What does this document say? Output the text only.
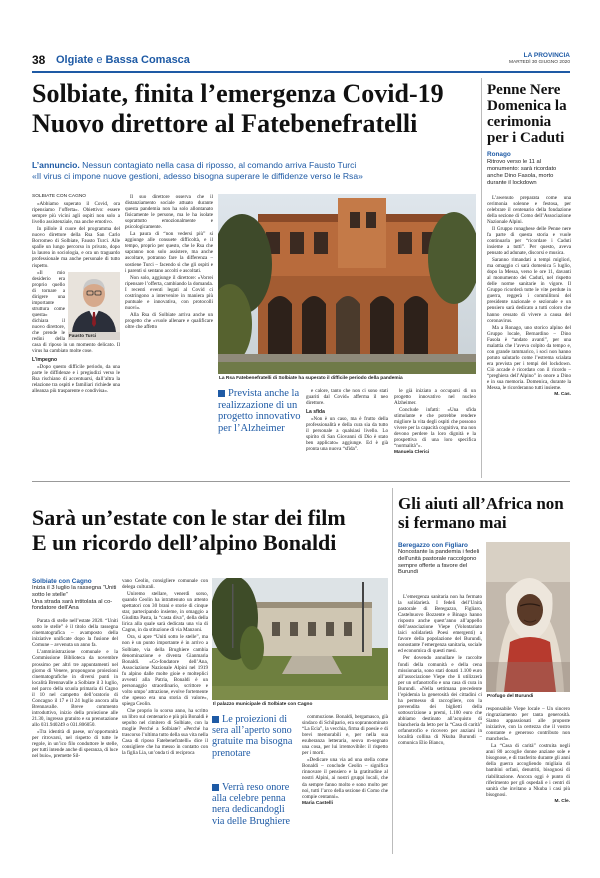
38 Olgiate e Bassa Comasca	LA PROVINCIA
MARTEDÌ 30 GIUGNO 2020
Solbiate, finita l’emergenza Covid-19
Nuovo direttore al Fatebenefratelli
L’annuncio. Nessun contagiato nella casa di riposso, al comando arriva Fausto Turci
«Il virus ci impone nuove gestioni, adesso bisogna superare le diffidenze verso le Rsa»

SOLBIATE CON CAGNO

«Abbiamo superato il Covid, ora ripensiamo l’offerta». Obiettivo: essere sempre più vicini agli ospiti non solo a livello assistenziale, ma anche emotivo.

In pillole il cuore del programma del nuovo direttore della Rsa San Carlo Borromeo di Solbiate, Fausto Turci. Alle spalle un lungo percorso in privato, dopo la laurea in sociologia, e ora un traguardo professionale ma anche personale di tutto rispetto.

Fausto Turci

«Il mio desiderio era proprio quello di tornare a dirigere una importante struttura come questa» dichiara il nuovo direttore, che prende le redini della casa di riposo in un momento delicato. Il virus ha cambiato molte cose.

L’impegno

«Dopo questo difficile periodo, da una parte le diffidenze e i pregiudizi verso le Rsa rischiano di accentuarsi, dall’altra la relazione tra ospiti e familiari richiede una alleanza più trasparente e condivisa».

Il suo direttore osserva che il distanziamento sociale attuato durante questa pandemia non ha solo allontanato fisicamente le persone, ma le ha isolate soprattutto emozionalmente e psicologicamente.

La paura di “non vedersi più” si aggiunge alle consuete difficoltà, e il tempo, proprio per questo, che le Rsa che sapranno non solo assistere, ma anche ascoltare, potranno fare la differenza – sostiene Turci – facendo sì che gli ospiti e i parenti si sentano accolti e ascoltati.

Non solo, aggiunge il direttore: «Vorrei ripensare l’offerta, cambiando la domanda. I recenti eventi legati al Covid ci costringono a intervenire in maniera più puntuale e innovativa, con protocolli nuovi».

Alla Rsa di Solbiate arriva anche un progetto che «vuole allenare e qualificare oltre che affetto

La Rsa Fatebenefratelli di Solbiate ha superato il difficile periodo della pandemia
Prevista anche la realizzazione di un progetto innovativo per l’Alzheimer

e calore, tanto che non ci sono stati guariti dal Covid» afferma il neo direttore.

La sfida

«Non è un caso, ma è frutto della professionalità e della cura sia da tutto il personale a qualsiasi livello. Lo spirito di San Giovanni di Dio è stato ben applicato» aggiunge. Ed è già pronta una nuova “sfida”.

le già iniziato a occuparsi di un progetto innovativo nel nucleo Alzheimer.

Conclude infatti: «Una sfida stimolante e che potrebbe rendere migliore la vita degli ospiti che possono vivere per la capacità cognitiva, ma non devono perdere la loro dignità e la prospettiva di una loro specifica “normalità”».

Manuela Clerici

Penne Nere Domenica la cerimonia per i Caduti
Ronago
Ritrovo verso le 11 al monumento: sarà ricordato anche Dino Fasola, morto durante il lockdown

L’awenuto preparata come una cerimonia solenne e festosa, per celebrare il centenario della fondazione della sezione di Como dell’Associazione Nazionale Alpini.

Il Gruppo ronaghese delle Penne nere fa parte di questa storia e vuole continuarla per “ricordare i Caduti insieme a tutti”. Per questo, aveva pensato ad adunate, discorsi e musica.

Saranno rimandati a tempi migliori, ma omaggio ci sarà domenica 5 luglio, dopo la Messa, verso le ore 11, davanti al monumento dei Caduti, nel rispetto delle norme sanitarie in vigore. Il Gruppo ricorderà tutte le vite perdute in guerra, reggerà i commilitoni del presidente nazionale e sezionale e un pensiero sarà dedicato a tutti coloro che hanno cessato di vivere a causa del coronavirus.

Ma a Ronago, uno storico alpino del Gruppo locale, Bernardino – Dino Fasola è “andato avanti”, per una malattia che l’aveva colpito da tempo e, con grande rammarico, i soci non hanno potuto salutarlo come l’estrema scialata era prevista per i tempi del lockdown. Ciò accade è ricordato con il ricordo – “preghiera dell’Alpino” in onore a Dino e in sua memoria. Domenica, durante la Messa, le ricorderanno tutti insieme.

M. Cas.

Sarà un’estate con le star dei film
E un ricordo dell’alpino Bonaldi
Solbiate con Cagno
Inizia il 3 luglio la rassegna “Uniti sotto le stelle”
Una strada sarà intitolata al co-fondatore dell’Ana

Parata di stelle nell’estate 2020. “Uniti sotto le stelle” è il titolo della rassegna cinematografica – avamposto della iniziative unificate dopo la fusione del Comune – avvenuta un anno fa.

L’amministrazione comunale e la Commissione Biblioteca da novembre prossimo per altri tre appuntamenti nel giorno di Venere, propongono proiezioni cinematografiche in diversi punti in località Brennavalle a Solbiate il 3 luglio, nel parco della scuola primaria di Cagno il 10 nel campetto dell’oratorio di Concagno il 17 e il 24 luglio ancora alla Brennavalle. Breve commento introduttivo, inizio della proiezione alle 21.30, ingresso gratuito e su prenotazione allo 031.940249 o 031.806050.

«Tra identità di paese, un’opportunità per ritrovarsi, nel rispetto di tutte le regole, in un’ico filo conduttore le stelle, per tutti intende anche di speranza, di luce nel buio», premette Sil-

vano Ceolin, consigliere comunale con delega culturali.

Uniremo stellare, venerdì sorso, quando Ceolin ha intrattenuto un attento spettatori con 30 brani e storie di cinque star, partecipando insieme, in omaggio a Giuditta Pasta, la “casta diva”, della della lirica alla quale sarà dedicata una via di Cagno, in da stituzione di via Manzoni.

Ora, si apre “Uniti sotto le stelle”, ma non è un punto importante è in arrivo a Solbiate, via della Brughiere cambia denominazione e diventa Gianmaria Bonaldi. «Co-fondatore dell’Ana, Associazione Nazionale Alpini nel 1919 fu alpino dalle molte gioie e molteplici avventi alla Patria, Bonaldi è un personaggio straordinario, scrittore e volto umpo’ attrazione, evolve fortemente che spesso era una storia di valore», spiega Ceolin.

Che proprio lo scorso anno, ha scritto un libro sul centenario e più più Bonaldi è sepolto nel cimitero di Solbiate, con la moglie Perché a Solbiate? «Perché ha trascorso l’ultima tutto della sua vita nella Casa di riposo Fatebenefratelli» dice il consigliere che ha messo in contatto con la figlia Lia, un’onda ti di reciproca

Il palazzo municipale di Solbiate con Cagno
Le proiezioni di sera all’aperto sono gratuite ma bisogna prenotare
Verrà reso onore alla celebre penna nera dedicandogli via delle Brughiere

commozione. Bonaldi, bergamasco, già sindaco di Schilpario, era soprannominato “La Ecia”, la vecchia, firma di poesie e di brevi memorabili e, per nella sua esuberanza letteraria, seova m-segnato una cosa, per lui irremovibile: il rispetto per i morti.

«Dedicare una via ad una stella come Bonaldi – conclude Ceolin – significa rinnovare il pensiero e la gratitudine al nostri Alpini, ai nostri gruppi locali, che da sempre fanno molto e sono molto per noi, tutti l’arco della sezione di Como che compie centanni».

Maria Castelli

Gli aiuti all’Africa non si fermano mai
Beregazzo con Figliaro
Nonostante la pandemia i fedeli dell’unità pastorale raccolgono sempre offerte a favore del Burundi
Profugo del Burundi

L’emergenza sanitaria non ha fermato la solidarietà. I fedeli dell’Unità pastorale di Beregazzo, Figliaro, Castelnuovo Bozzente e Binago hanno risposto anche quest’anno all’appello dell’associazione Viepe (Volontariato laici solidarietà Poesi emergenti) a favore della popolazione del Burundi, nonostante l’emergenza sanitaria, sociale ed economica di questi mesi.

Per dovendo annullare le raccolte fondi della comunità e della cena missionaria, sono stati donati 1.100 euro all’associazione Viepe che li utilizzerà per un orfanotrofio e una casa di cura in Burundi. «Nella settimana precedente l’epidemia la generosità dei cittadini ci ha permesso di raccogliere, con la prevendita dei biglietti della sottoscrizione a premi, 1.100 euro che abbiamo destinato all’acquisto di biancheria da letto per la “Casa di carità” orfanotrofio e ricovero per anziani in località collina di Nkuba Burundi – comunica Elio Bianco,

responsabile Viepe locale – Un sincero ringraziamento per tanta generosità. Siamo appassionati alle proposte iniziative, con la certezza che il vostro constante e generoso contributo non mancherà».

La “Casa di carità” costruita negli anni 80 accoglie donne anziane sole e bisognose, e di trasferito durante gli anni della guerra accogliendo migliaia di bambini orfani, denutriti, bisognosi di riabilitazione. Ancora oggi è punto di riferimento per gli ospedali e i centri di sanità che invitano a Nkuba i casi più bisognosi.

M. Cle.
